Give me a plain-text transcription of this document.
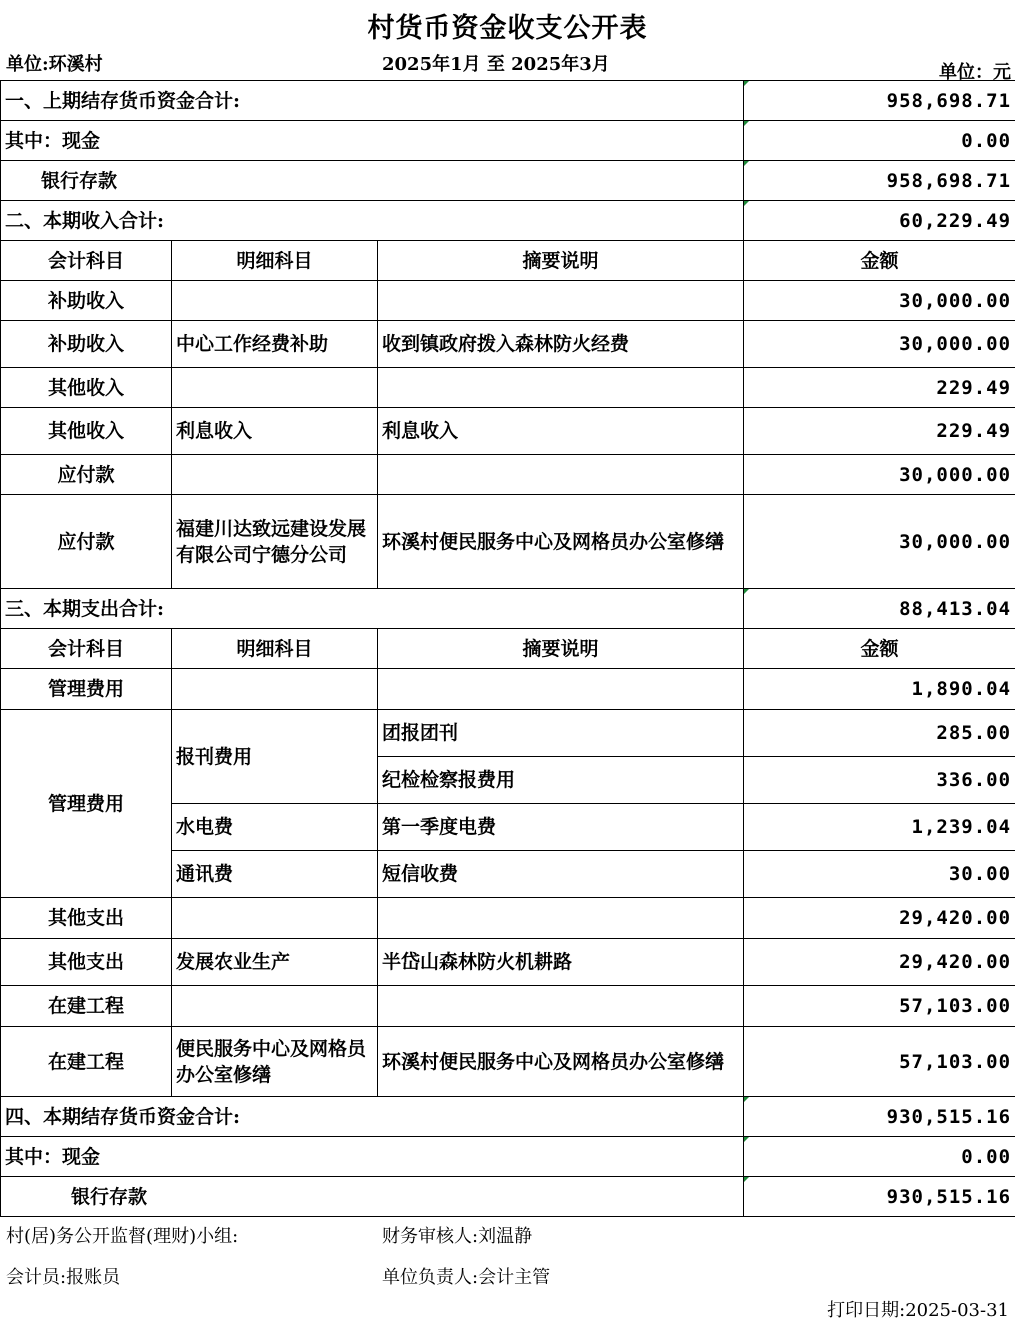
村货币资金收支公开表
单位:环溪村	2025年1月 至 2025年3月	单位：元
一、上期结存货币资金合计:			958,698.71
其中：现金			0.00
银行存款			958,698.71
二、本期收入合计:			60,229.49
会计科目	明细科目	摘要说明	金额
补助收入			30,000.00
补助收入	中心工作经费补助	收到镇政府拨入森林防火经费	30,000.00
其他收入			229.49
其他收入	利息收入	利息收入	229.49
应付款			30,000.00
应付款	福建川达致远建设发展有限公司宁德分公司	环溪村便民服务中心及网格员办公室修缮	30,000.00
三、本期支出合计:			88,413.04
会计科目	明细科目	摘要说明	金额
管理费用			1,890.04
管理费用	报刊费用	团报团刊	285.00
		纪检检察报费用	336.00
	水电费	第一季度电费	1,239.04
	通讯费	短信收费	30.00
其他支出			29,420.00
其他支出	发展农业生产	半岱山森林防火机耕路	29,420.00
在建工程			57,103.00
在建工程	便民服务中心及网格员办公室修缮	环溪村便民服务中心及网格员办公室修缮	57,103.00
四、本期结存货币资金合计:			930,515.16
其中：现金			0.00
银行存款			930,515.16
村(居)务公开监督(理财)小组:	财务审核人:刘温静
会计员:报账员	单位负责人:会计主管
打印日期:2025-03-31
